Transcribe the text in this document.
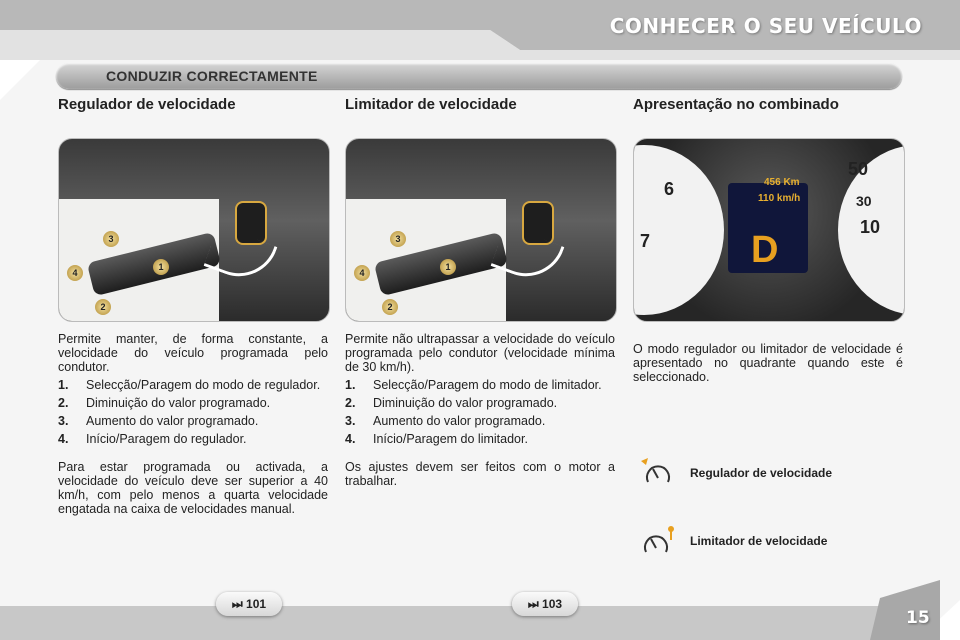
CONHECER O SEU VEÍCULO
CONDUZIR CORRECTAMENTE
Regulador de velocidade
3
4
1
2

Permite manter, de forma constante, a velocidade do veículo programada pelo condutor.

1. Selecção/Paragem do modo de regulador.
2. Diminuição do valor programado.
3. Aumento do valor programado.
4. Início/Paragem do regulador.

Para estar programada ou activada, a velocidade do veículo deve ser superior a 40 km/h, com pelo menos a quarta velocidade engatada na caixa de velocidades manual.

Limitador de velocidade
3
4
1
2

Permite não ultrapassar a velocidade do veículo programada pelo condutor (velocidade mínima de 30 km/h).

1. Selecção/Paragem do modo de limitador.
2. Diminuição do valor programado.
3. Aumento do valor programado.
4. Início/Paragem do limitador.

Os ajustes devem ser feitos com o motor a trabalhar.

Apresentação no combinado
6
7
50
30
10
456 Km
110 km/h
D

O modo regulador ou limitador de velocidade é apresentado no quadrante quando este é seleccionado.

Regulador de velocidade
Limitador de velocidade
⏭ 101	⏭ 103
15
